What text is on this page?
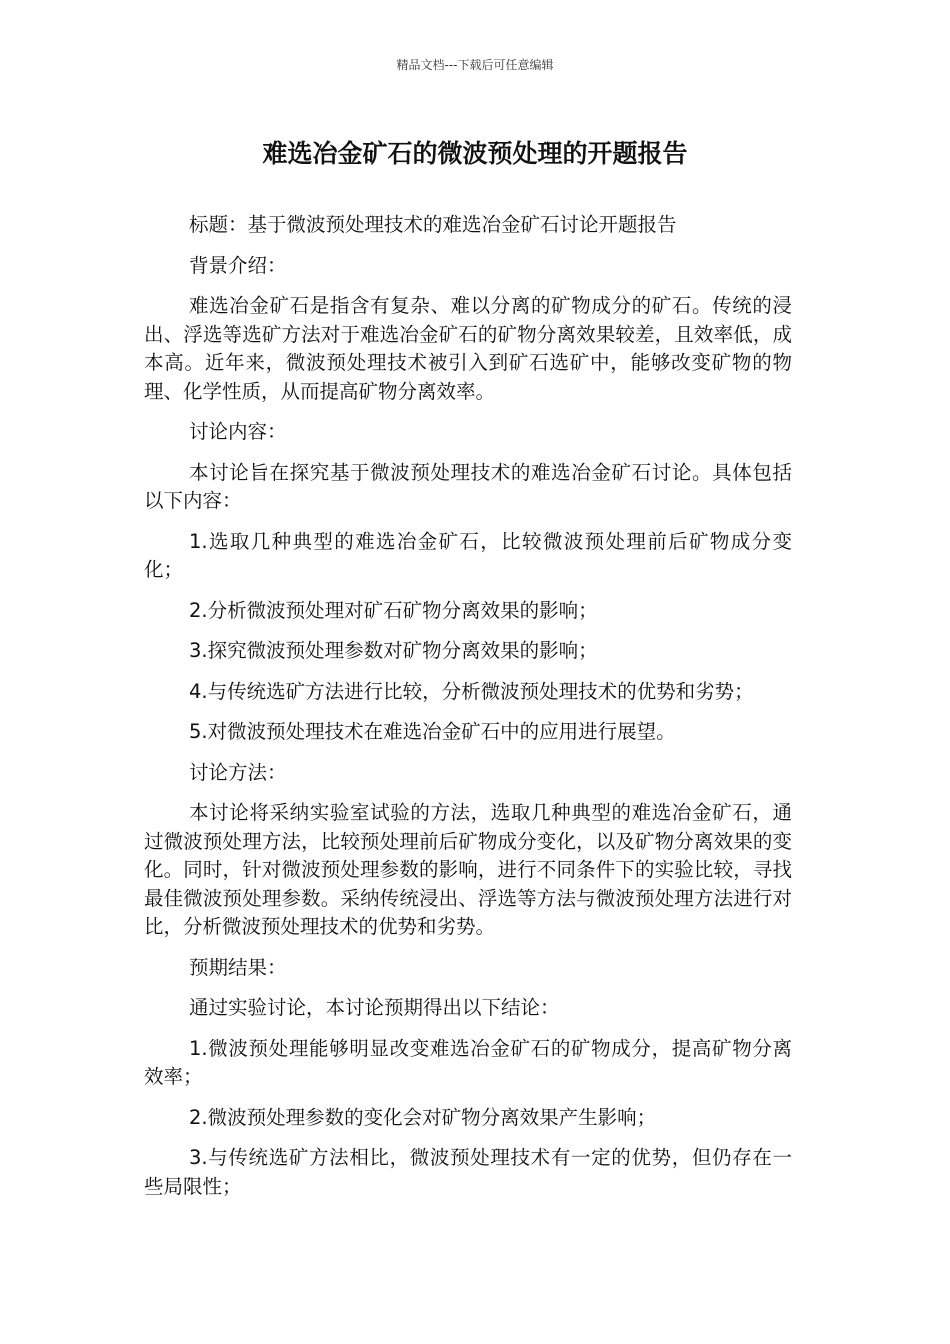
精品文档---下载后可任意编辑
难选冶金矿石的微波预处理的开题报告

标题：基于微波预处理技术的难选冶金矿石讨论开题报告

背景介绍：

难选冶金矿石是指含有复杂、难以分离的矿物成分的矿石。传统的浸出、浮选等选矿方法对于难选冶金矿石的矿物分离效果较差，且效率低，成本高。近年来，微波预处理技术被引入到矿石选矿中，能够改变矿物的物理、化学性质，从而提高矿物分离效率。

讨论内容：

本讨论旨在探究基于微波预处理技术的难选冶金矿石讨论。具体包括以下内容：

1.选取几种典型的难选冶金矿石，比较微波预处理前后矿物成分变化；

2.分析微波预处理对矿石矿物分离效果的影响；

3.探究微波预处理参数对矿物分离效果的影响；

4.与传统选矿方法进行比较，分析微波预处理技术的优势和劣势；

5.对微波预处理技术在难选冶金矿石中的应用进行展望。

讨论方法：

本讨论将采纳实验室试验的方法，选取几种典型的难选冶金矿石，通过微波预处理方法，比较预处理前后矿物成分变化，以及矿物分离效果的变化。同时，针对微波预处理参数的影响，进行不同条件下的实验比较，寻找最佳微波预处理参数。采纳传统浸出、浮选等方法与微波预处理方法进行对比，分析微波预处理技术的优势和劣势。

预期结果：

通过实验讨论，本讨论预期得出以下结论：

1.微波预处理能够明显改变难选冶金矿石的矿物成分，提高矿物分离效率；

2.微波预处理参数的变化会对矿物分离效果产生影响；

3.与传统选矿方法相比，微波预处理技术有一定的优势，但仍存在一些局限性；
